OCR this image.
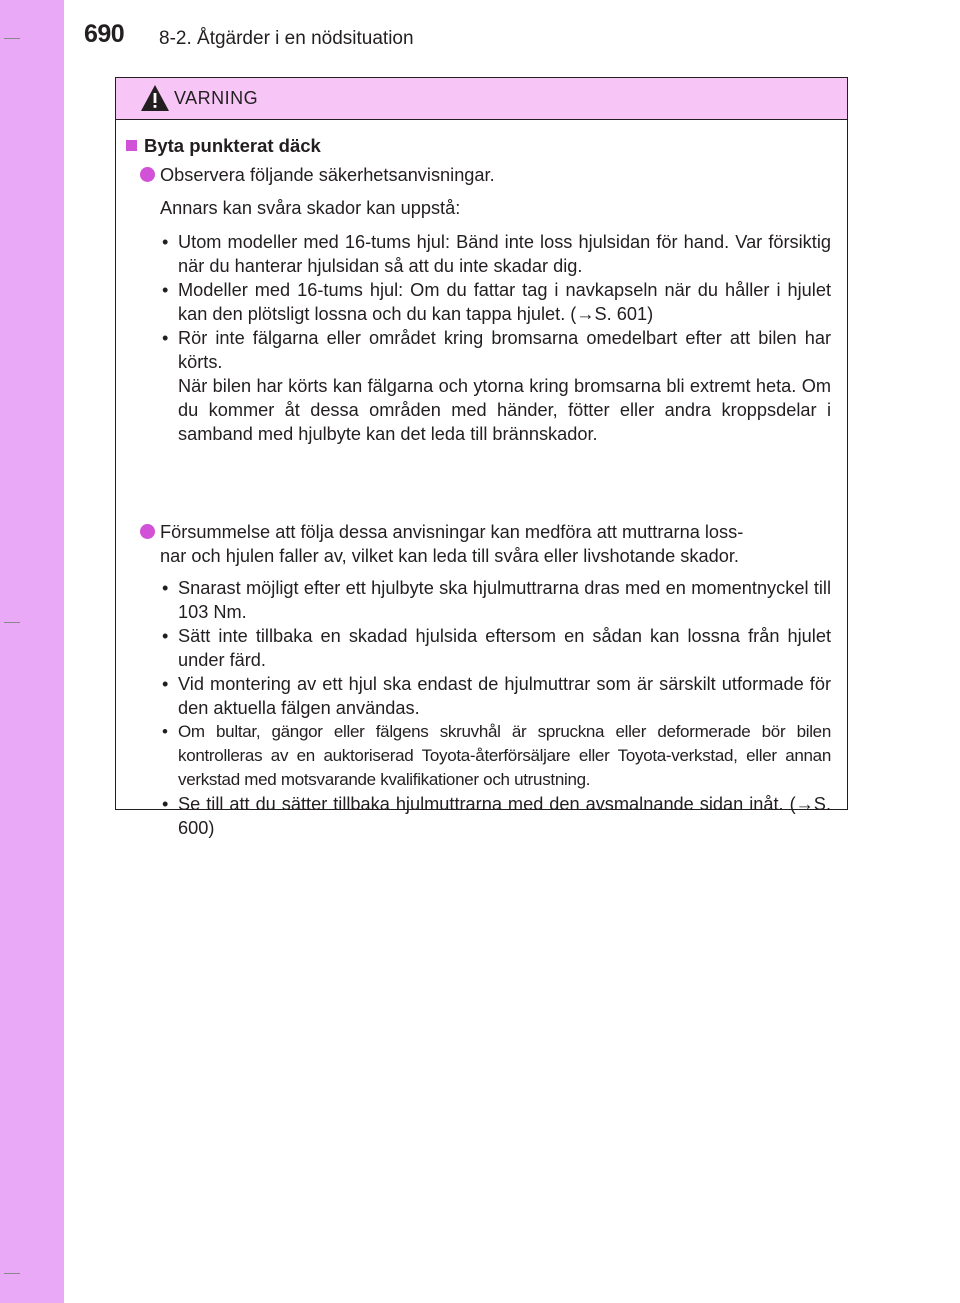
690 8-2. Åtgärder i en nödsituation
VARNING
Byta punkterat däck
Observera följande säkerhetsanvisningar.
Annars kan svåra skador kan uppstå:
• Utom modeller med 16-tums hjul: Bänd inte loss hjulsidan för hand. Var försiktig när du hanterar hjulsidan så att du inte skadar dig.
• Modeller med 16-tums hjul: Om du fattar tag i navkapseln när du håller i hjulet kan den plötsligt lossna och du kan tappa hjulet. (→S. 601)
• Rör inte fälgarna eller området kring bromsarna omedelbart efter att bilen har körts.
När bilen har körts kan fälgarna och ytorna kring bromsarna bli extremt heta. Om du kommer åt dessa områden med händer, fötter eller andra kroppsdelar i samband med hjulbyte kan det leda till brännskador.
Försummelse att följa dessa anvisningar kan medföra att muttrarna loss-
nar och hjulen faller av, vilket kan leda till svåra eller livshotande skador.
• Snarast möjligt efter ett hjulbyte ska hjulmuttrarna dras med en momentnyckel till 103 Nm.
• Sätt inte tillbaka en skadad hjulsida eftersom en sådan kan lossna från hjulet under färd.
• Vid montering av ett hjul ska endast de hjulmuttrar som är särskilt utformade för den aktuella fälgen användas.
• Om bultar, gängor eller fälgens skruvhål är spruckna eller deformerade bör bilen kontrolleras av en auktoriserad Toyota-återförsäljare eller Toyota-verkstad, eller annan verkstad med motsvarande kvalifikationer och utrustning.
• Se till att du sätter tillbaka hjulmuttrarna med den avsmalnande sidan inåt. (→S. 600)
